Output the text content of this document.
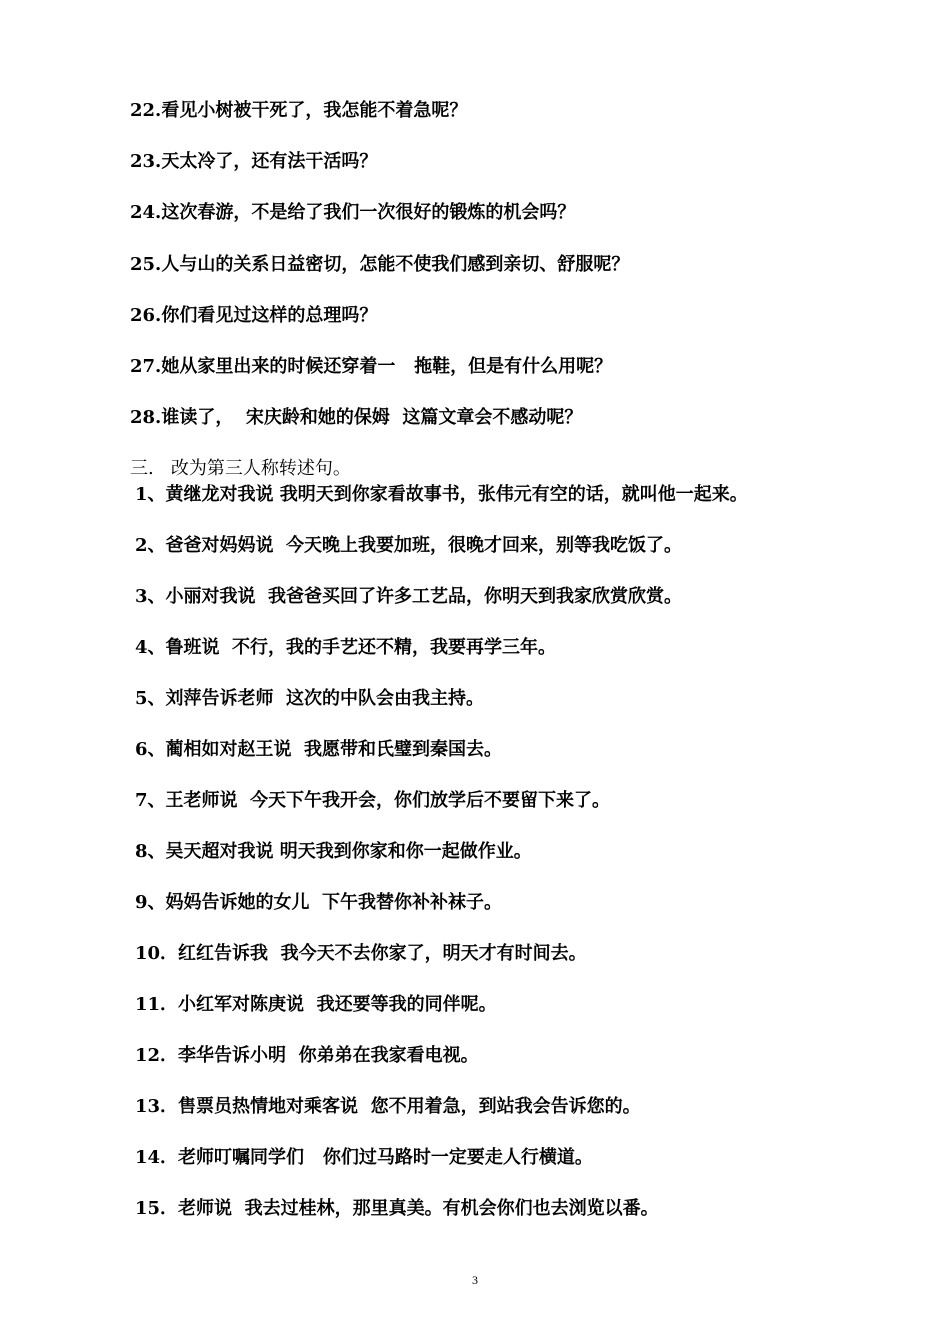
22.看见小树被干死了，我怎能不着急呢？
23.天太冷了，还有法干活吗？
24.这次春游，不是给了我们一次很好的锻炼的机会吗？
25.人与山的关系日益密切，怎能不使我们感到亲切、舒服呢？
26.你们看见过这样的总理吗？
27.她从家里出来的时候还穿着一   拖鞋，但是有什么用呢？
28.谁读了，  宋庆龄和她的保姆  这篇文章会不感动呢？
三.   改为第三人称转述句。
1、黄继龙对我说 我明天到你家看故事书，张伟元有空的话，就叫他一起来。
2、爸爸对妈妈说  今天晚上我要加班，很晚才回来，别等我吃饭了。
3、小丽对我说  我爸爸买回了许多工艺品，你明天到我家欣赏欣赏。
4、鲁班说  不行，我的手艺还不精，我要再学三年。
5、刘萍告诉老师  这次的中队会由我主持。
6、蔺相如对赵王说  我愿带和氏璧到秦国去。
7、王老师说  今天下午我开会，你们放学后不要留下来了。
8、吴天超对我说 明天我到你家和你一起做作业。
9、妈妈告诉她的女儿  下午我替你补补袜子。
10．红红告诉我  我今天不去你家了，明天才有时间去。
11．小红军对陈庚说  我还要等我的同伴呢。
12．李华告诉小明  你弟弟在我家看电视。
13．售票员热情地对乘客说  您不用着急，到站我会告诉您的。
14．老师叮嘱同学们   你们过马路时一定要走人行横道。
15．老师说  我去过桂林，那里真美。有机会你们也去浏览以番。
3
